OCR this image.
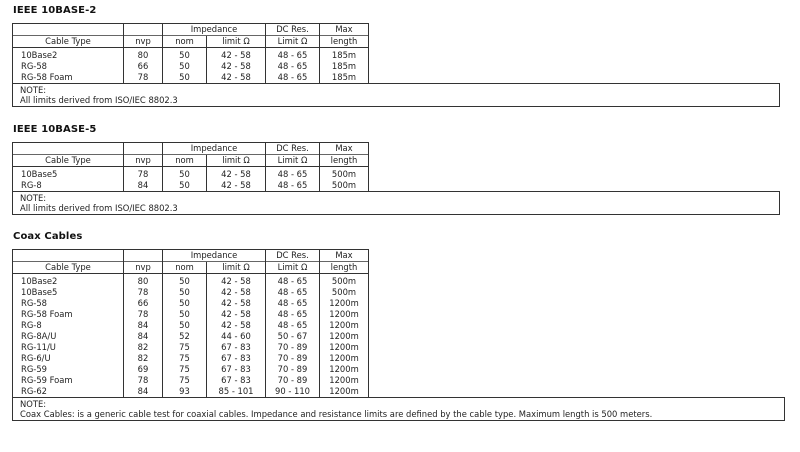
IEEE 10BASE-2
		Impedance		DC Res.	Max
Cable Type	nvp	nom	limit Ω	Limit Ω	length
10Base2	80	50	42 - 58	48 - 65	185m
RG-58	66	50	42 - 58	48 - 65	185m
RG-58 Foam	78	50	42 - 58	48 - 65	185m
NOTE:
All limits derived from ISO/IEC 8802.3
IEEE 10BASE-5
		Impedance		DC Res.	Max
Cable Type	nvp	nom	limit Ω	Limit Ω	length
10Base5	78	50	42 - 58	48 - 65	500m
RG-8	84	50	42 - 58	48 - 65	500m
NOTE:
All limits derived from ISO/IEC 8802.3
Coax Cables
		Impedance		DC Res.	Max
Cable Type	nvp	nom	limit Ω	Limit Ω	length
10Base2	80	50	42 - 58	48 - 65	500m
10Base5	78	50	42 - 58	48 - 65	500m
RG-58	66	50	42 - 58	48 - 65	1200m
RG-58 Foam	78	50	42 - 58	48 - 65	1200m
RG-8	84	50	42 - 58	48 - 65	1200m
RG-8A/U	84	52	44 - 60	50 - 67	1200m
RG-11/U	82	75	67 - 83	70 - 89	1200m
RG-6/U	82	75	67 - 83	70 - 89	1200m
RG-59	69	75	67 - 83	70 - 89	1200m
RG-59 Foam	78	75	67 - 83	70 - 89	1200m
RG-62	84	93	85 - 101	90 - 110	1200m
NOTE:
Coax Cables: is a generic cable test for coaxial cables. Impedance and resistance limits are defined by the cable type. Maximum length is 500 meters.
